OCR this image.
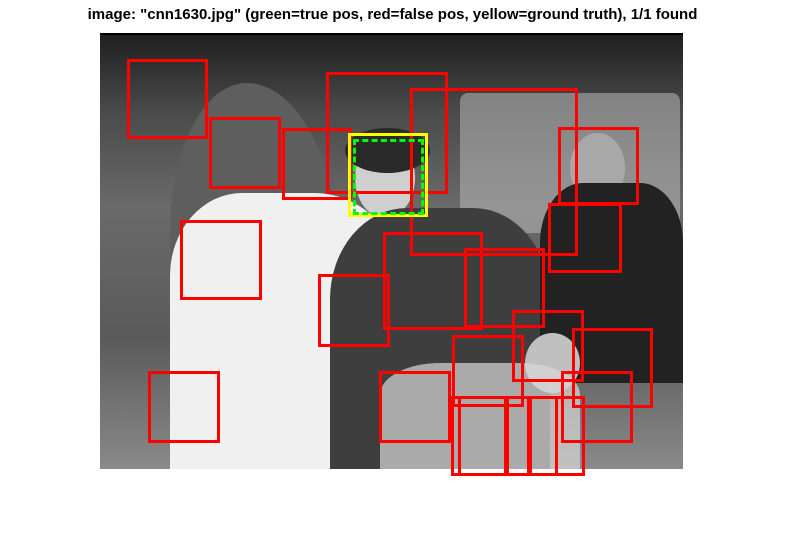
image: "cnn1630.jpg" (green=true pos, red=false pos, yellow=ground truth), 1/1 found
